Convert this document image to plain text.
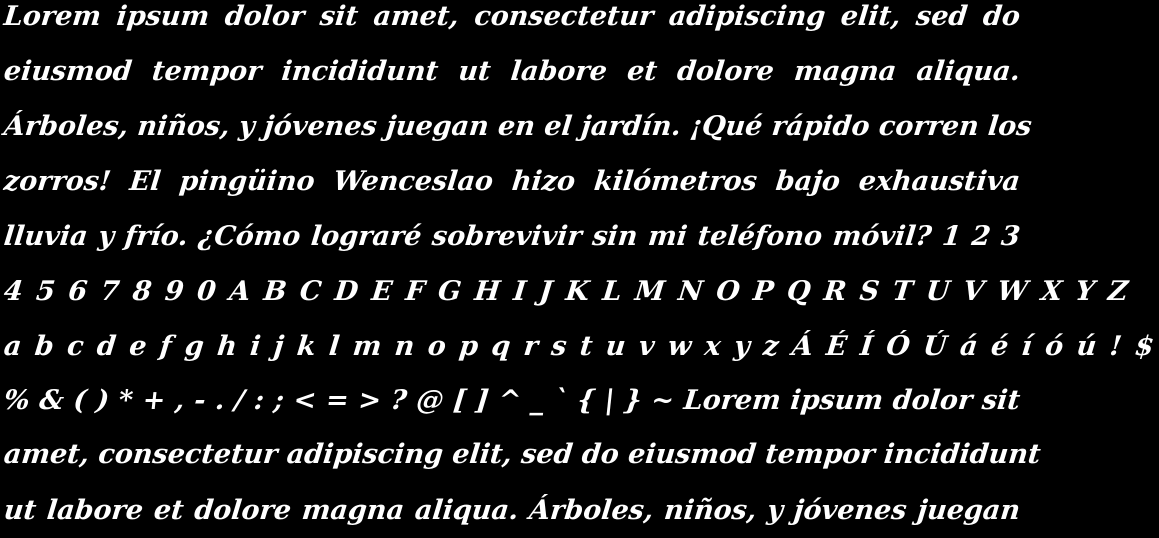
Lorem ipsum dolor sit amet, consectetur adipiscing elit, sed do
eiusmod tempor incididunt ut labore et dolore magna aliqua.
Árboles, niños, y jóvenes juegan en el jardín. ¡Qué rápido corren los
zorros! El pingüino Wenceslao hizo kilómetros bajo exhaustiva
lluvia y frío. ¿Cómo lograré sobrevivir sin mi teléfono móvil? 1 2 3
4 5 6 7 8 9 0 A B C D E F G H I J K L M N O P Q R S T U V W X Y Z
a b c d e f g h i j k l m n o p q r s t u v w x y z Á É Í Ó Ú á é í ó ú ! $
% & ( ) * + , - . / : ; < = > ? @ [ ] ^ _ ` { | } ~ Lorem ipsum dolor sit
amet, consectetur adipiscing elit, sed do eiusmod tempor incididunt
ut labore et dolore magna aliqua. Árboles, niños, y jóvenes juegan
